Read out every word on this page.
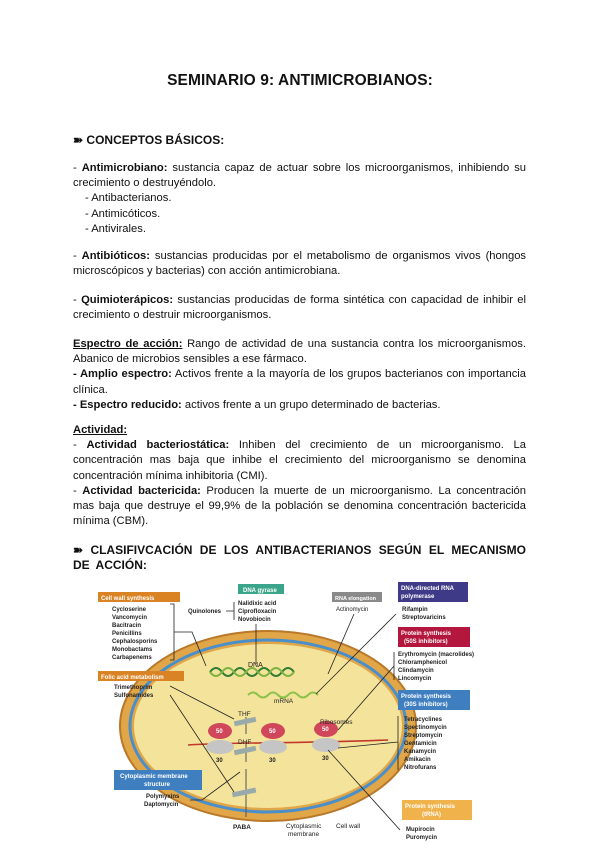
SEMINARIO 9: ANTIMICROBIANOS:
➽ CONCEPTOS BÁSICOS:
- Antimicrobiano: sustancia capaz de actuar sobre los microorganismos, inhibiendo su crecimiento o destruyéndolo.
- Antibacterianos.
- Antimicóticos.
- Antivirales.
- Antibióticos: sustancias producidas por el metabolismo de organismos vivos (hongos microscópicos y bacterias) con acción antimicrobiana.
- Quimioterápicos: sustancias producidas de forma sintética con capacidad de inhibir el crecimiento o destruir microorganismos.
Espectro de acción: Rango de actividad de una sustancia contra los microorganismos. Abanico de microbios sensibles a ese fármaco.
- Amplio espectro: Activos frente a la mayoría de los grupos bacterianos con importancia clínica.
- Espectro reducido: activos frente a un grupo determinado de bacterias.
Actividad:
- Actividad bacteriostática: Inhiben del crecimiento de un microorganismo. La concentración mas baja que inhibe el crecimiento del microorganismo se denomina concentración mínima inhibitoria (CMI).
- Actividad bactericida: Producen la muerte de un microorganismo. La concentración mas baja que destruye el 99,9% de la población se denomina concentración bactericida mínima (CBM).
➽ CLASIFIVCACIÓN DE LOS ANTIBACTERIANOS SEGÚN EL MECANISMO DE ACCIÓN:
DNA
mRNA
THF
DHF
Ribosomes
50	50	50
30	30	30
PABA	Cytoplasmic
membrane
Cell wall
Cell wall synthesis
Cycloserine
Vancomycin
Bacitracin
Penicillins
Cephalosporins
Monobactams
Carbapenems
Folic acid metabolism
Trimethoprim
Sulfonamides
Cytoplasmic membrane
structure
Polymyxins
Daptomycin
DNA gyrase
Quinolones
Nalidixic acid
Ciprofloxacin
Novobiocin
RNA elongation
Actinomycin
DNA-directed RNA
polymerase
Rifampin
Streptovaricins
Protein synthesis
(50S inhibitors)
Erythromycin (macrolides)
Chloramphenicol
Clindamycin
Lincomycin
Protein synthesis
(30S inhibitors)
Tetracyclines
Spectinomycin
Streptomycin
Gentamicin
Kanamycin
Amikacin
Nitrofurans
Protein synthesis
(tRNA)
Mupirocin
Puromycin
